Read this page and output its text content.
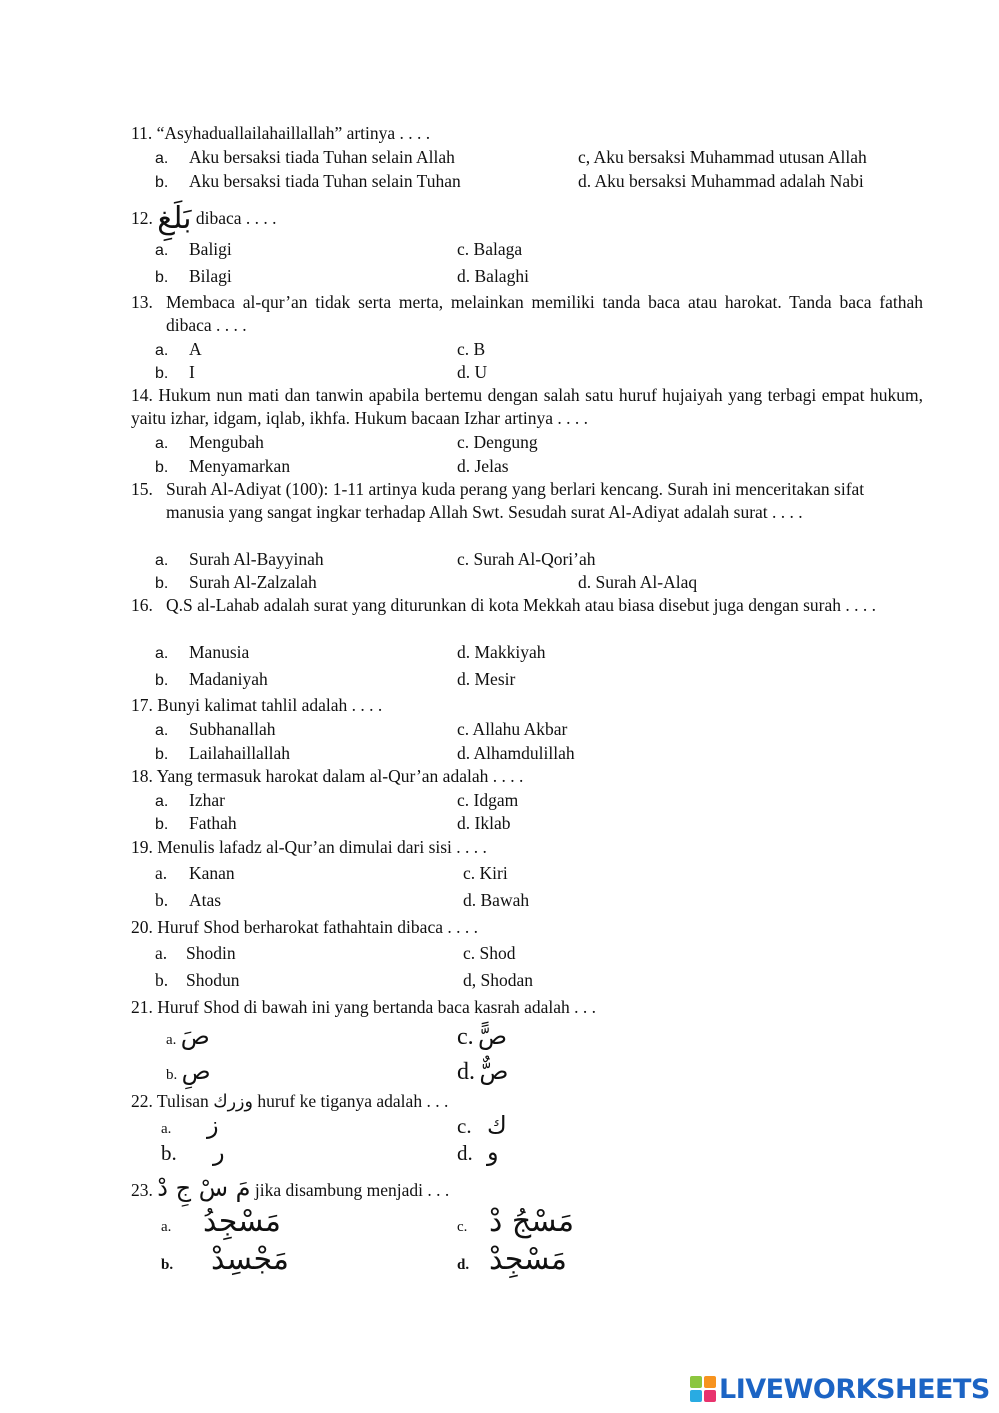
11. “Asyhaduallailahaillallah” artinya . . . .
a. Aku bersaksi tiada Tuhan selain Allah	c, Aku bersaksi Muhammad utusan Allah
b. Aku bersaksi tiada Tuhan selain Tuhan	d. Aku bersaksi Muhammad adalah Nabi
12. بَلَغِ dibaca . . . .
a. Baligi	c. Balaga
b. Bilagi	d. Balaghi
13. Membaca al-qur’an tidak serta merta, melainkan memiliki tanda baca atau harokat. Tanda baca fathah dibaca . . . .
a. A	c. B
b. I	d. U
14. Hukum nun mati dan tanwin apabila bertemu dengan salah satu huruf hujaiyah yang terbagi empat hukum, yaitu izhar, idgam, iqlab, ikhfa. Hukum bacaan Izhar artinya . . . .
a. Mengubah	c. Dengung
b. Menyamarkan	d. Jelas
15. Surah Al-Adiyat (100): 1-11 artinya kuda perang yang berlari kencang. Surah ini menceritakan sifat manusia yang sangat ingkar terhadap Allah Swt. Sesudah surat Al-Adiyat adalah surat . . . .
a. Surah Al-Bayyinah	c. Surah Al-Qori’ah
b. Surah Al-Zalzalah	d. Surah Al-Alaq
16. Q.S al-Lahab adalah surat yang diturunkan di kota Mekkah atau biasa disebut juga dengan surah . . . .
a. Manusia	d. Makkiyah
b. Madaniyah	d. Mesir
17. Bunyi kalimat tahlil adalah . . . .
a. Subhanallah	c. Allahu Akbar
b. Lailahaillallah	d. Alhamdulillah
18. Yang termasuk harokat dalam al-Qur’an adalah . . . .
a. Izhar	c. Idgam
b. Fathah	d. Iklab
19. Menulis lafadz al-Qur’an dimulai dari sisi . . . .
a. Kanan	c. Kiri
b. Atas	d. Bawah
20. Huruf Shod berharokat fathahtain dibaca . . . .
a. Shodin	c. Shod
b. Shodun	d, Shodan
21. Huruf Shod di bawah ini yang bertanda baca kasrah adalah . . .
a. صَ	c. صًّ
b. صِ	d. صٌّ
22. Tulisan وزرك huruf ke tiganya adalah . . .
a. ز	c. ك
b. ر	d. و
23. مَ سْ جِ دْ jika disambung menjadi . . .
a. مَسْجِدُ	c. مَسْجُ دْ
b. مَجْسِدْ	d. مَسْجِدْ
LIVEWORKSHEETS
